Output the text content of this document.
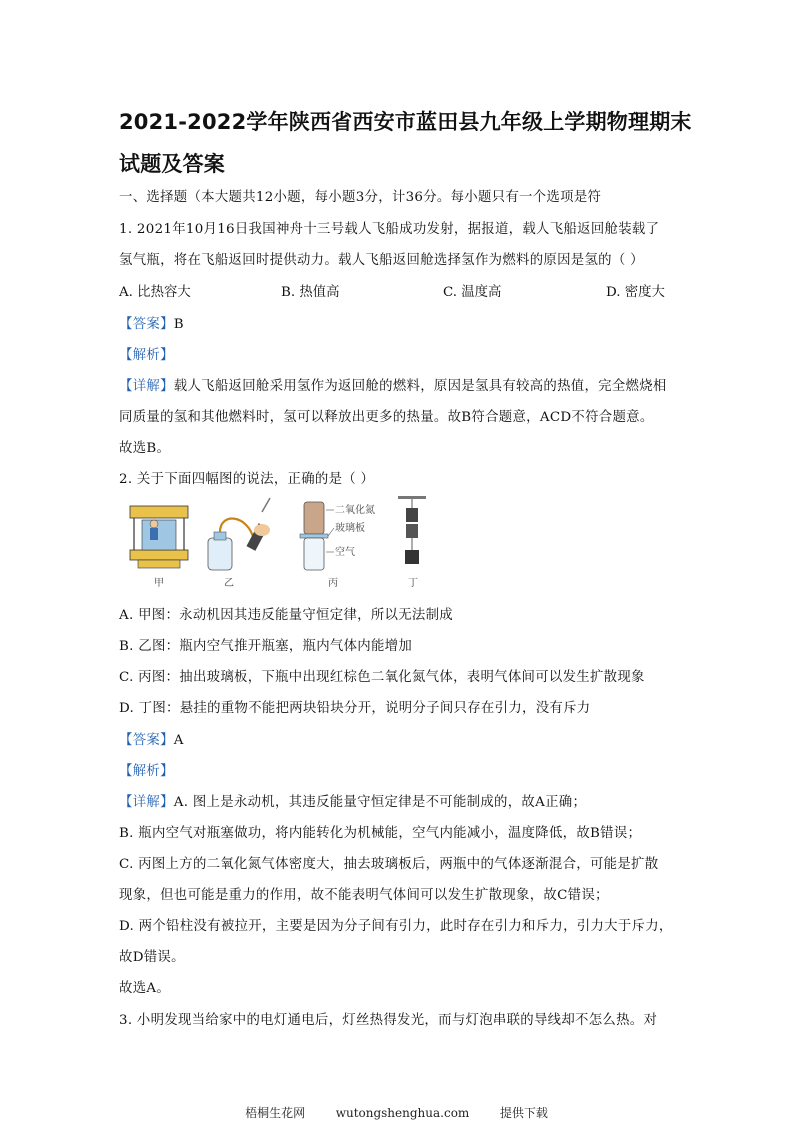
2021-2022学年陕西省西安市蓝田县九年级上学期物理期末
试题及答案
一、选择题（本大题共12小题，每小题3分，计36分。每小题只有一个选项是符
1. 2021年10月16日我国神舟十三号载人飞船成功发射，据报道，载人飞船返回舱装载了
氢气瓶，将在飞船返回时提供动力。载人飞船返回舱选择氢作为燃料的原因是氢的（ ）
A. 比热容大	B. 热值高	C. 温度高	D. 密度大
【答案】B
【解析】
【详解】载人飞船返回舱采用氢作为返回舱的燃料，原因是氢具有较高的热值，完全燃烧相
同质量的氢和其他燃料时，氢可以释放出更多的热量。故B符合题意，ACD不符合题意。
故选B。
2. 关于下面四幅图的说法，正确的是（ ）
甲	乙
二氧化氮
玻璃板
空气
丙	丁
A. 甲图：永动机因其违反能量守恒定律，所以无法制成
B. 乙图：瓶内空气推开瓶塞，瓶内气体内能增加
C. 丙图：抽出玻璃板，下瓶中出现红棕色二氧化氮气体，表明气体间可以发生扩散现象
D. 丁图：悬挂的重物不能把两块铅块分开，说明分子间只存在引力，没有斥力
【答案】A
【解析】
【详解】A. 图上是永动机，其违反能量守恒定律是不可能制成的，故A正确；
B. 瓶内空气对瓶塞做功，将内能转化为机械能，空气内能减小，温度降低，故B错误；
C. 丙图上方的二氧化氮气体密度大，抽去玻璃板后，两瓶中的气体逐渐混合，可能是扩散
现象，但也可能是重力的作用，故不能表明气体间可以发生扩散现象，故C错误；
D. 两个铅柱没有被拉开，主要是因为分子间有引力，此时存在引力和斥力，引力大于斥力，
故D错误。
故选A。
3. 小明发现当给家中的电灯通电后，灯丝热得发光，而与灯泡串联的导线却不怎么热。对
梧桐生花网	wutongshenghua.com	提供下载
